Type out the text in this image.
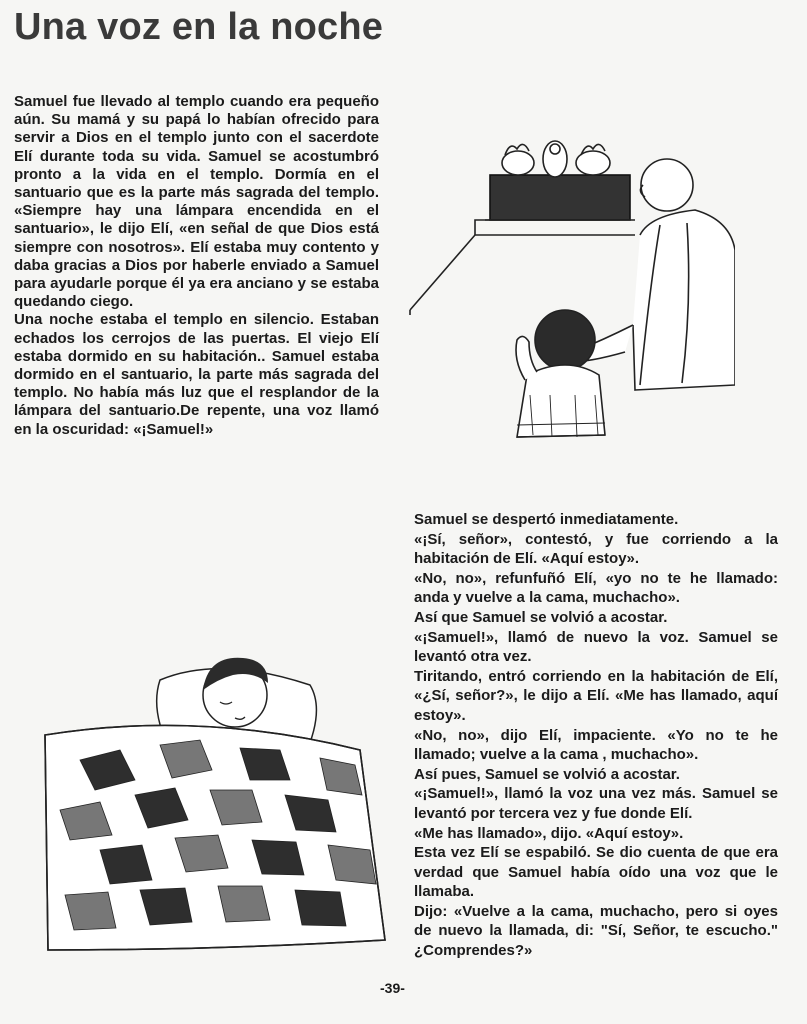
Una voz en la noche

Samuel fue llevado al templo cuando era pequeño aún. Su mamá y su papá lo habían ofrecido para servir a Dios en el templo junto con el sacerdote Elí durante toda su vida. Samuel se acostumbró pronto a la vida en el templo. Dormía en el santuario que es la parte más sagrada del templo. «Siempre hay una lámpara encendida en el santuario», le dijo Elí, «en señal de que Dios está siempre con nosotros». Elí estaba muy contento y daba gracias a Dios por haberle enviado a Samuel para ayudarle porque él ya era anciano y se estaba quedando ciego.

Una noche estaba el templo en silencio. Estaban echados los cerrojos de las puertas. El viejo Elí estaba dormido en su habitación.. Samuel estaba dormido en el santuario, la parte más sagrada del templo. No había más luz que el resplandor de la lámpara del santuario.De repente, una voz llamó en la oscuridad: «¡Samuel!»

Samuel se despertó inmediatamente.

«¡Sí, señor», contestó, y fue corriendo a la habitación de Elí. «Aquí estoy».

«No, no», refunfuñó Elí, «yo no te he llamado: anda y vuelve a la cama, muchacho».

Así que Samuel se volvió a acostar.

«¡Samuel!», llamó de nuevo la voz. Samuel se levantó otra vez.

Tiritando, entró corriendo en la habitación de Elí, «¿Sí, señor?», le dijo a Elí. «Me has llamado, aquí estoy».

«No, no», dijo Elí, impaciente. «Yo no te he llamado; vuelve a la cama , muchacho».

Así pues, Samuel se volvió a acostar.

«¡Samuel!», llamó la voz una vez más. Samuel se levantó por tercera vez y fue donde Elí.

«Me has llamado», dijo. «Aquí estoy».

Esta vez Elí se espabiló. Se dio cuenta de que era verdad que Samuel había oído una voz que le llamaba.

Dijo: «Vuelve a la cama, muchacho, pero si oyes de nuevo la llamada, di: "Sí, Señor, te escucho." ¿Comprendes?»

-39-
